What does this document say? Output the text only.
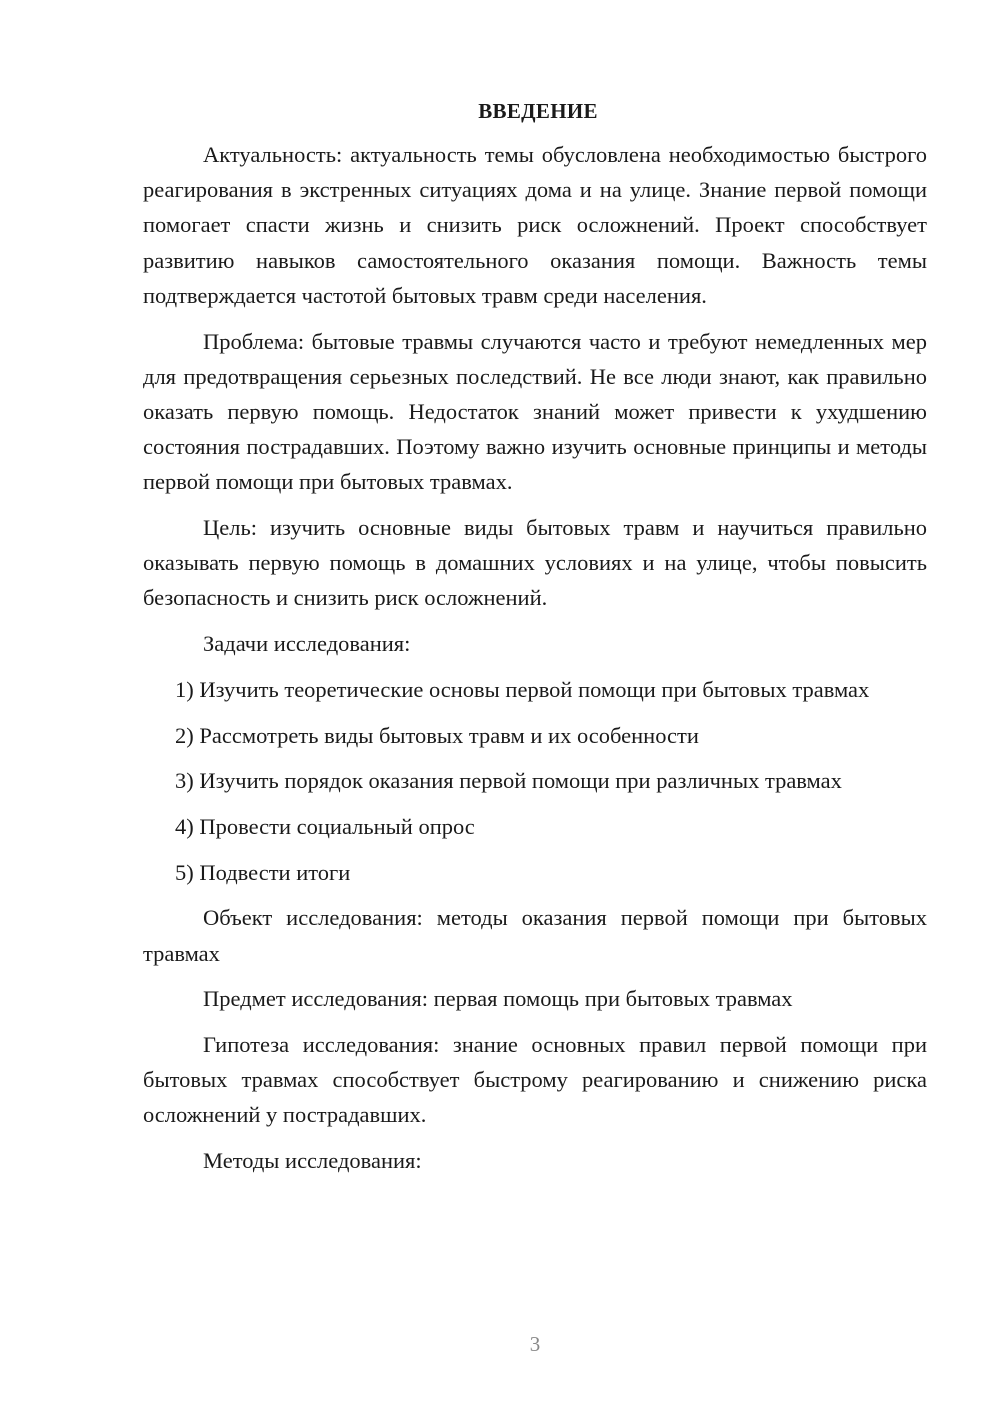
ВВЕДЕНИЕ

Актуальность: актуальность темы обусловлена необходимостью быстрого реагирования в экстренных ситуациях дома и на улице. Знание первой помощи помогает спасти жизнь и снизить риск осложнений. Проект способствует развитию навыков самостоятельного оказания помощи. Важность темы подтверждается частотой бытовых травм среди населения.

Проблема: бытовые травмы случаются часто и требуют немедленных мер для предотвращения серьезных последствий. Не все люди знают, как правильно оказать первую помощь. Недостаток знаний может привести к ухудшению состояния пострадавших. Поэтому важно изучить основные принципы и методы первой помощи при бытовых травмах.

Цель: изучить основные виды бытовых травм и научиться правильно оказывать первую помощь в домашних условиях и на улице, чтобы повысить безопасность и снизить риск осложнений.

Задачи исследования:

1) Изучить теоретические основы первой помощи при бытовых травмах

2) Рассмотреть виды бытовых травм и их особенности

3) Изучить порядок оказания первой помощи при различных травмах

4) Провести социальный опрос

5) Подвести итоги

Объект исследования: методы оказания первой помощи при бытовых травмах

Предмет исследования: первая помощь при бытовых травмах

Гипотеза исследования: знание основных правил первой помощи при бытовых травмах способствует быстрому реагированию и снижению риска осложнений у пострадавших.

Методы исследования:

3
